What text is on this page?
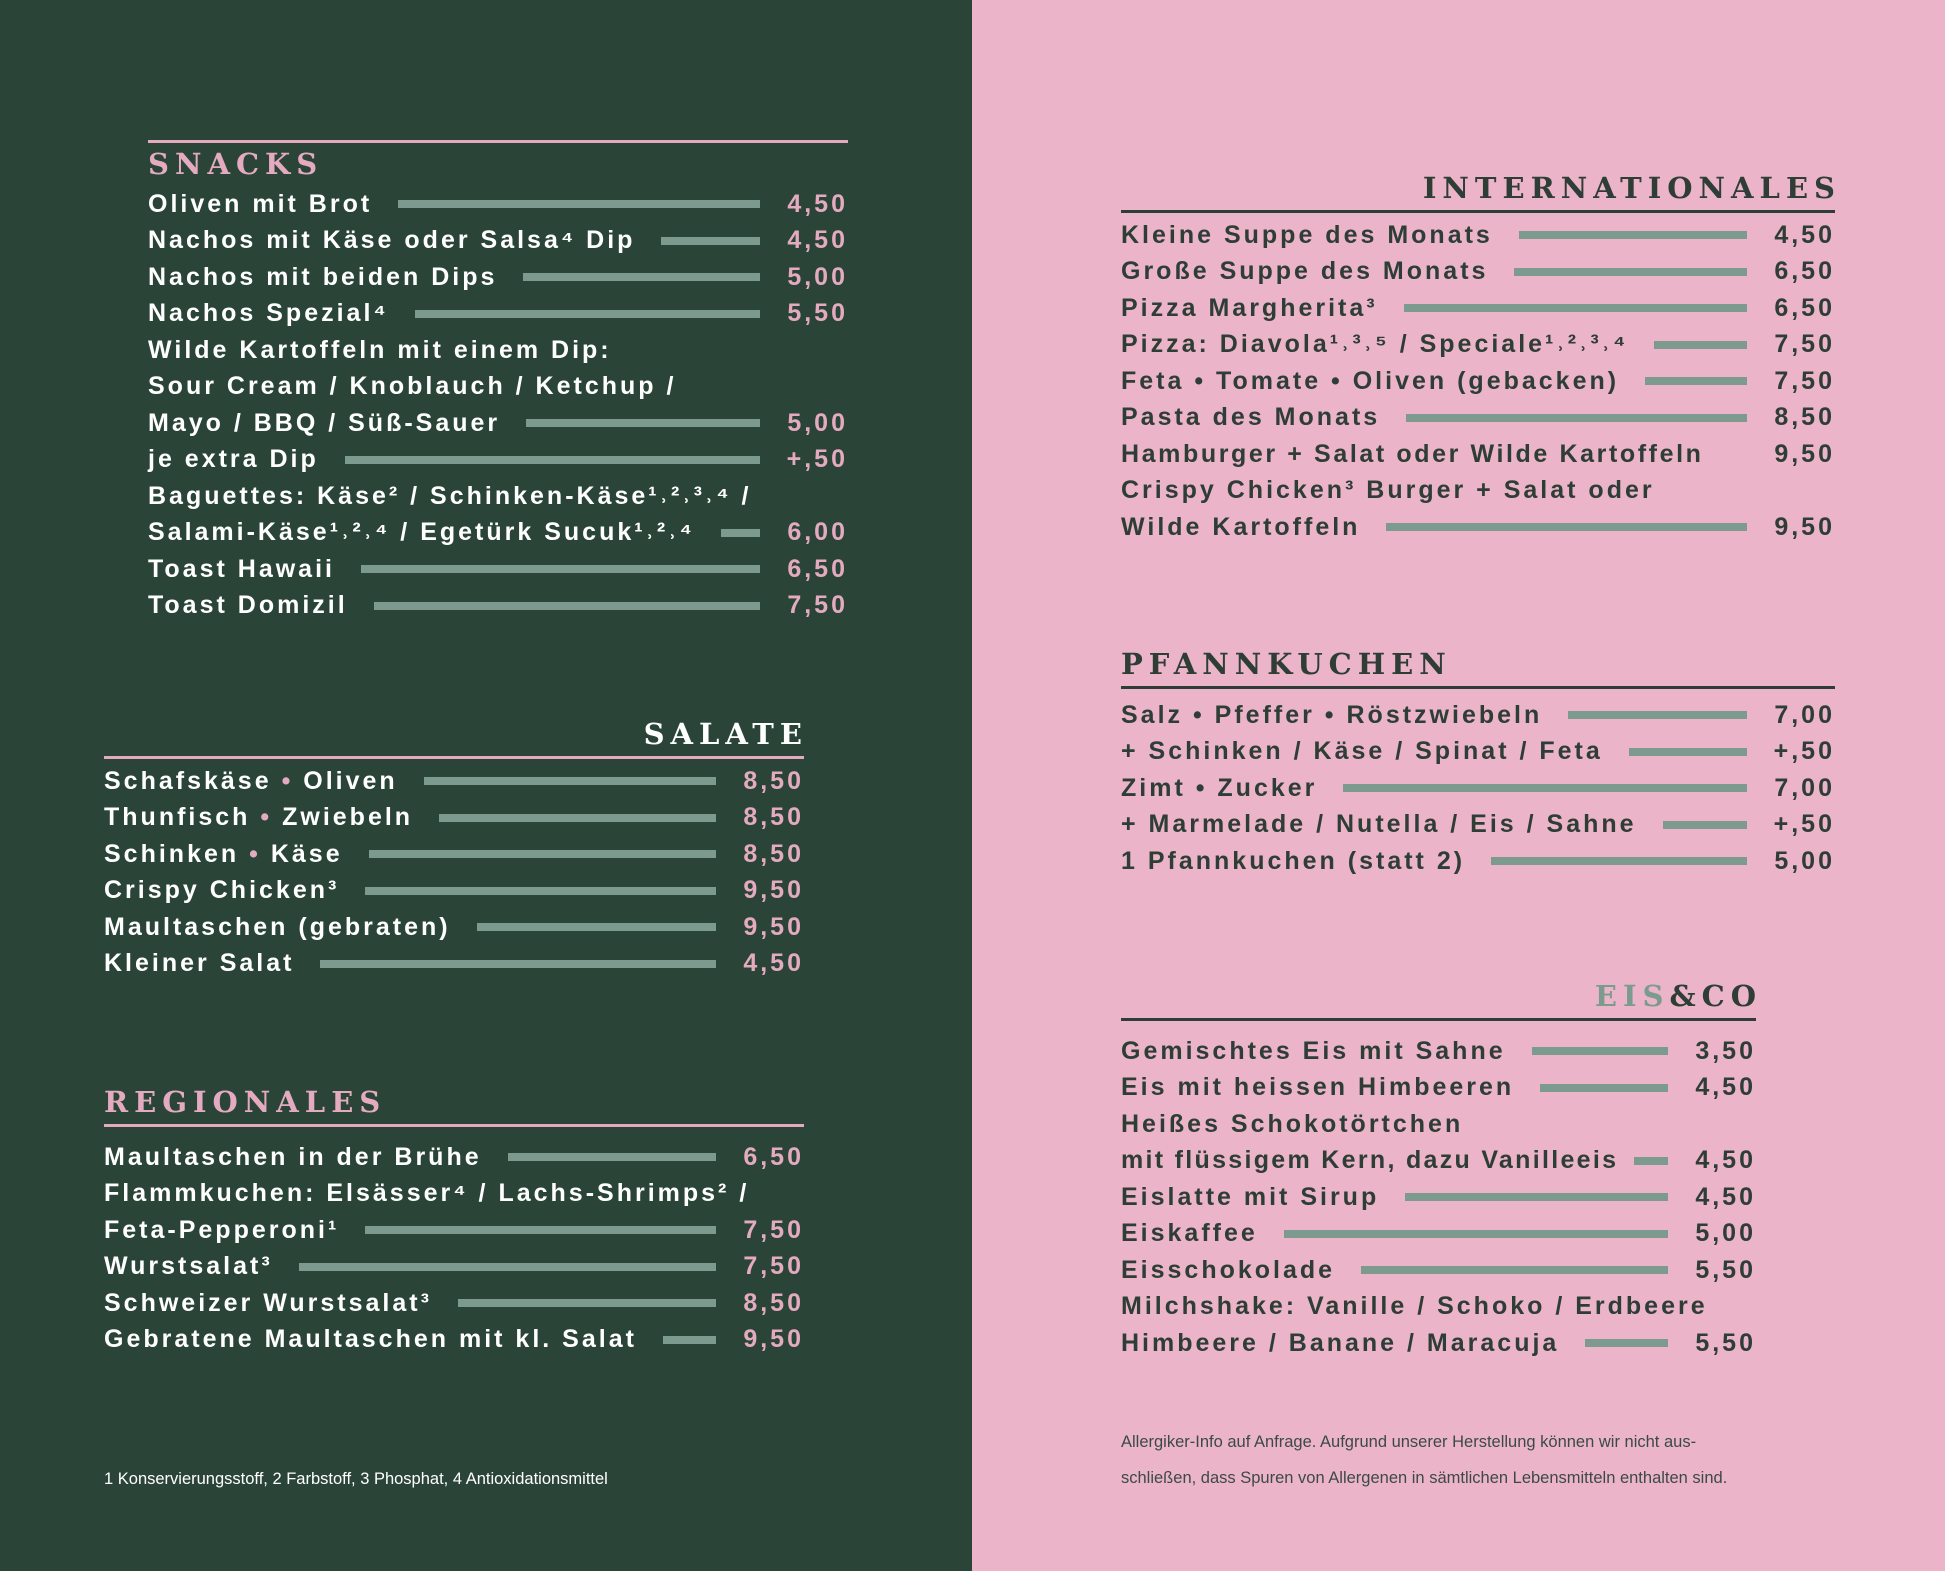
SNACKS
Oliven mit Brot	4,50
Nachos mit Käse oder Salsa⁴ Dip	4,50
Nachos mit beiden Dips	5,00
Nachos Spezial⁴	5,50
Wilde Kartoffeln mit einem Dip:
Sour Cream / Knoblauch / Ketchup /
Mayo / BBQ / Süß-Sauer	5,00
je extra Dip	+,50
Baguettes: Käse² / Schinken-Käse¹˒²˒³˒⁴ /
Salami-Käse¹˒²˒⁴ / Egetürk Sucuk¹˒²˒⁴	6,00
Toast Hawaii	6,50
Toast Domizil	7,50
SALATE
Schafskäse • Oliven	8,50
Thunfisch • Zwiebeln	8,50
Schinken • Käse	8,50
Crispy Chicken³	9,50
Maultaschen (gebraten)	9,50
Kleiner Salat	4,50
REGIONALES
Maultaschen in der Brühe	6,50
Flammkuchen: Elsässer⁴ / Lachs-Shrimps² /
Feta-Pepperoni¹	7,50
Wurstsalat³	7,50
Schweizer Wurstsalat³	8,50
Gebratene Maultaschen mit kl. Salat	9,50
1 Konservierungsstoff, 2 Farbstoff, 3 Phosphat, 4 Antioxidationsmittel
INTERNATIONALES
Kleine Suppe des Monats	4,50
Große Suppe des Monats	6,50
Pizza Margherita³	6,50
Pizza: Diavola¹˒³˒⁵ / Speciale¹˒²˒³˒⁴	7,50
Feta • Tomate • Oliven (gebacken)	7,50
Pasta des Monats	8,50
Hamburger + Salat oder Wilde Kartoffeln	9,50
Crispy Chicken³ Burger + Salat oder
Wilde Kartoffeln	9,50
PFANNKUCHEN
Salz • Pfeffer • Röstzwiebeln	7,00
+ Schinken / Käse / Spinat / Feta	+,50
Zimt • Zucker	7,00
+ Marmelade / Nutella / Eis / Sahne	+,50
1 Pfannkuchen (statt 2)	5,00
EIS&CO
Gemischtes Eis mit Sahne	3,50
Eis mit heissen Himbeeren	4,50
Heißes Schokotörtchen
mit flüssigem Kern, dazu Vanilleeis	4,50
Eislatte mit Sirup	4,50
Eiskaffee	5,00
Eisschokolade	5,50
Milchshake: Vanille / Schoko / Erdbeere
Himbeere / Banane / Maracuja	5,50
Allergiker-Info auf Anfrage. Aufgrund unserer Herstellung können wir nicht aus-
schließen, dass Spuren von Allergenen in sämtlichen Lebensmitteln enthalten sind.
